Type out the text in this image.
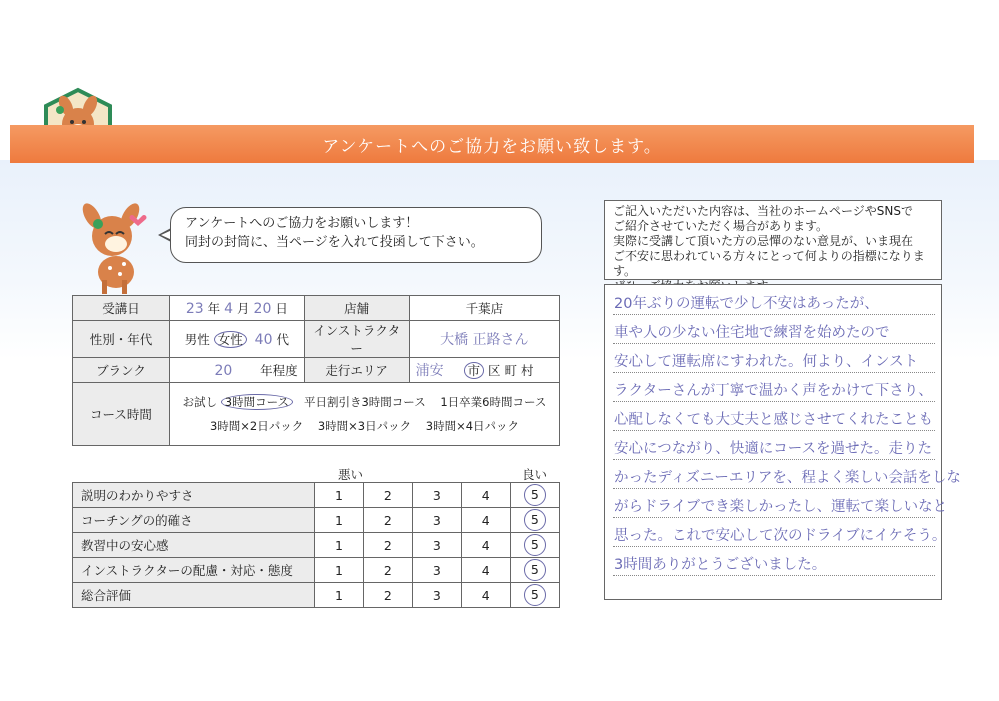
アンケートへのご協力をお願い致します。
アンケートへのご協力をお願いします！
同封の封筒に、当ページを入れて投函して下さい。
受講日	23 年 4 月 20 日	店舗	千葉店
性別・年代	男性 女性 40 代	インストラクター	大橋 正路さん
ブランク	20 年程度	走行エリア	浦安 市 区 町 村
コース時間	お試し 3時間コース 平日割引き3時間コース 1日卒業6時間コース
3時間×2日パック 3時間×3日パック 3時間×4日パック		
悪い	良い
説明のわかりやすさ	1	2	3	4	5
コーチングの的確さ	1	2	3	4	5
教習中の安心感	1	2	3	4	5
インストラクターの配慮・対応・態度	1	2	3	4	5
総合評価	1	2	3	4	5
ご記入いただいた内容は、当社のホームページやSNSで
ご紹介させていただく場合があります。
実際に受講して頂いた方の忌憚のない意見が、いま現在
ご不安に思われている方々にとって何よりの指標になります。
20年ぶりの運転で少し不安はあったが、
車や人の少ない住宅地で練習を始めたので
安心して運転席にすわれた。何より、インスト
ラクターさんが丁寧で温かく声をかけて下さり、
心配しなくても大丈夫と感じさせてくれたことも
安心につながり、快適にコースを過せた。走りた
かったディズニーエリアを、程よく楽しい会話をしな
がらドライブでき楽しかったし、運転て楽しいなと
思った。これで安心して次のドライブにイケそう。
3時間ありがとうございました。
